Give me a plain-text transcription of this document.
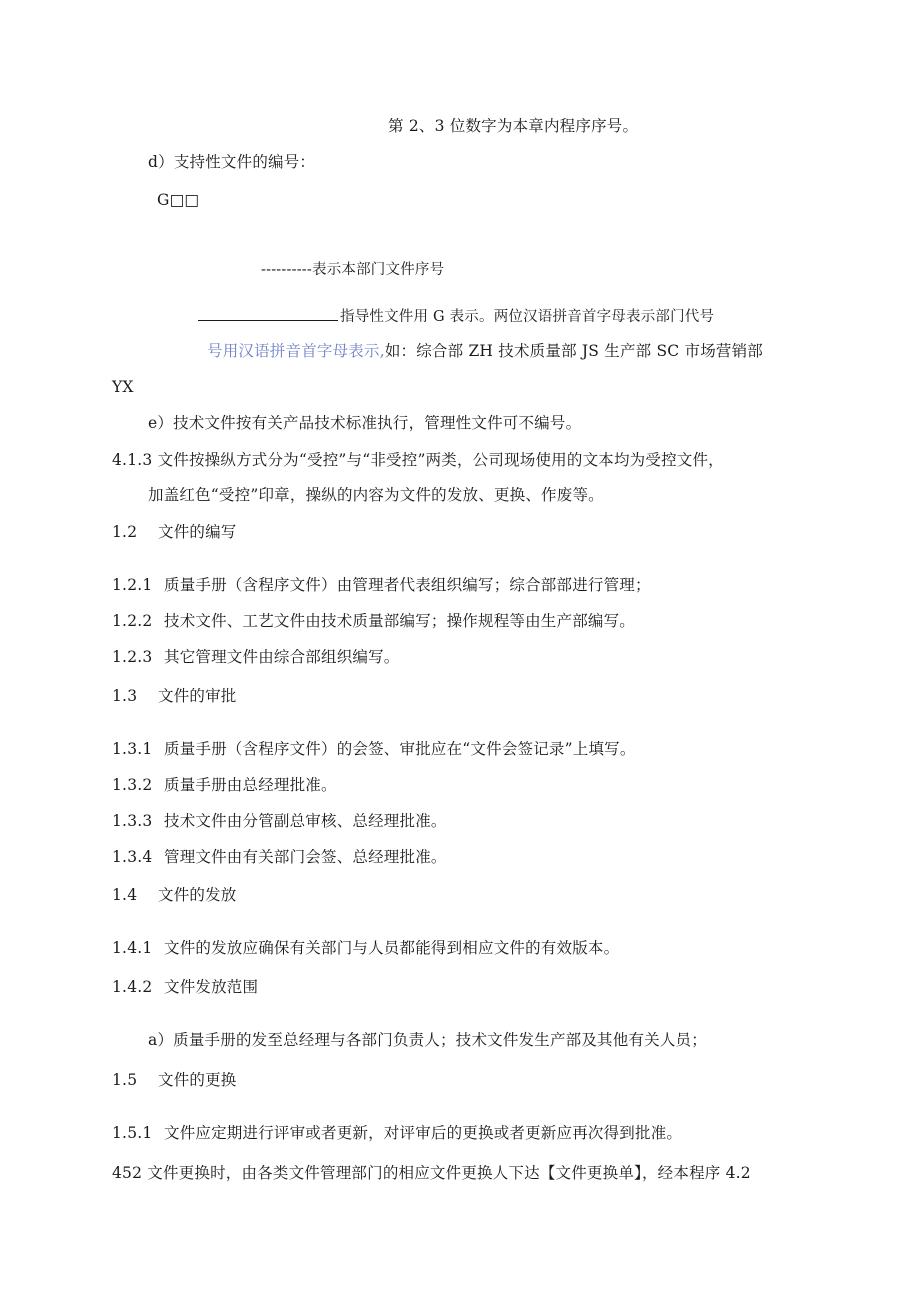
第 2、3 位数字为本章内程序序号。
d）支持性文件的编号：
G□□
----------表示本部门文件序号
指导性文件用 G 表示。两位汉语拼音首字母表示部门代号
号用汉语拼音首字母表示,如：综合部 ZH 技术质量部 JS 生产部 SC 市场营销部
YX
e）技术文件按有关产品技术标准执行，管理性文件可不编号。
4.1.3 文件按操纵方式分为“受控”与“非受控”两类，公司现场使用的文本均为受控文件，
加盖红色“受控”印章，操纵的内容为文件的发放、更换、作废等。
1.2 文件的编写
1.2.1 质量手册（含程序文件）由管理者代表组织编写；综合部部进行管理；
1.2.2 技术文件、工艺文件由技术质量部编写；操作规程等由生产部编写。
1.2.3 其它管理文件由综合部组织编写。
1.3 文件的审批
1.3.1 质量手册（含程序文件）的会签、审批应在“文件会签记录”上填写。
1.3.2 质量手册由总经理批准。
1.3.3 技术文件由分管副总审核、总经理批准。
1.3.4 管理文件由有关部门会签、总经理批准。
1.4 文件的发放
1.4.1 文件的发放应确保有关部门与人员都能得到相应文件的有效版本。
1.4.2 文件发放范围
a）质量手册的发至总经理与各部门负责人；技术文件发生产部及其他有关人员；
1.5 文件的更换
1.5.1 文件应定期进行评审或者更新，对评审后的更换或者更新应再次得到批准。
452 文件更换时，由各类文件管理部门的相应文件更换人下达【文件更换单】，经本程序 4.2
